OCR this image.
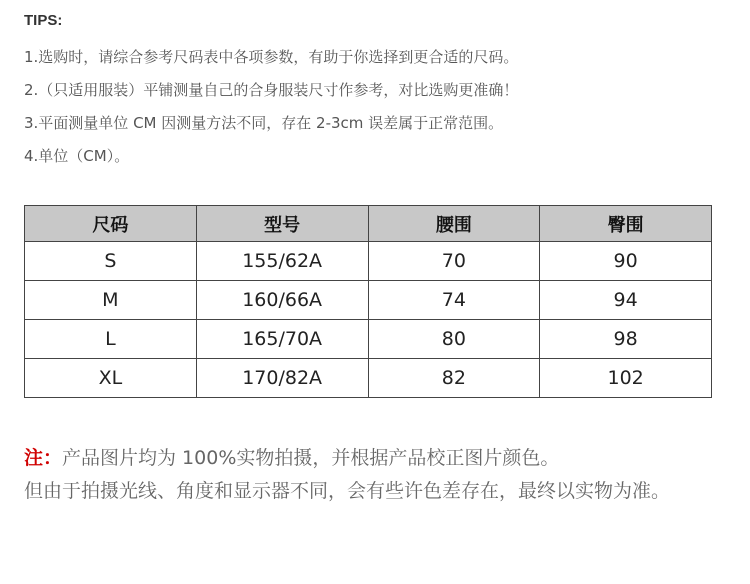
TIPS:
1.选购时，请综合参考尺码表中各项参数，有助于你选择到更合适的尺码。
2.（只适用服装）平铺测量自己的合身服装尺寸作参考，对比选购更准确！
3.平面测量单位 CM 因测量方法不同，存在 2-3cm 误差属于正常范围。
4.单位（CM）。
尺码	型号	腰围	臀围
S	155/62A	70	90
M	160/66A	74	94
L	165/70A	80	98
XL	170/82A	82	102
注：产品图片均为 100%实物拍摄，并根据产品校正图片颜色。
但由于拍摄光线、角度和显示器不同，会有些许色差存在，最终以实物为准。
